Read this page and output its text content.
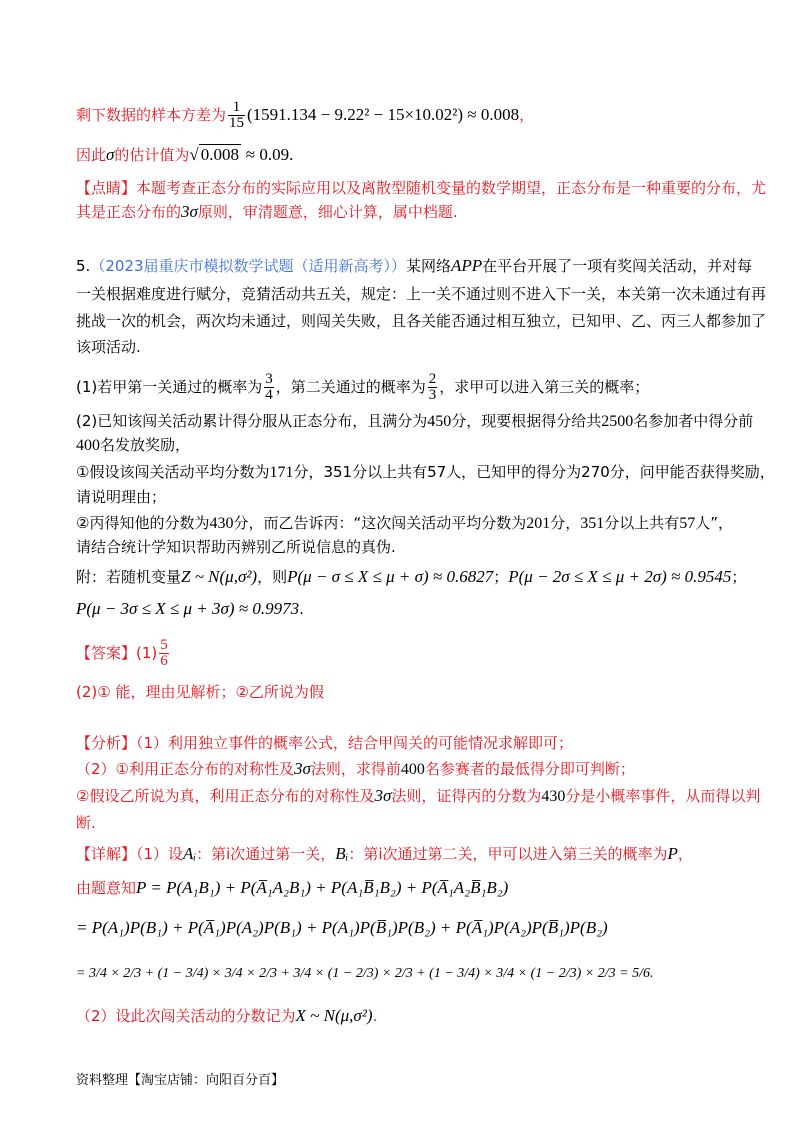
剩下数据的样本方差为 $\frac{1}{15} (1591.134 - 9.22^2 - 15\times 10.02^2) \approx 0.008$，
因此σ的估计值为√ 0.008 ≈ 0.09.
【点睛】本题考查正态分布的实际应用以及离散型随机变量的数学期望，正态分布是一种重要的分布，尤
其是正态分布的3σ原则，审清题意，细心计算，属中档题.
5.（2023届重庆市模拟数学试题（适用新高考））某网络APP在平台开展了一项有奖闯关活动，并对每
一关根据难度进行赋分，竞猜活动共五关，规定：上一关不通过则不进入下一关，本关第一次未通过有再
挑战一次的机会，两次均未通过，则闯关失败，且各关能否通过相互独立，已知甲、乙、丙三人都参加了
该项活动.
(1)若甲第一关通过的概率为 $\frac{3}{4}$ ，第二关通过的概率为 $\frac{2}{3}$ ，求甲可以进入第三关的概率；
(2)已知该闯关活动累计得分服从正态分布，且满分为450分，现要根据得分给共2500名参加者中得分前
400名发放奖励，
①假设该闯关活动平均分数为171分，351分以上共有57人，已知甲的得分为270分，问甲能否获得奖励，
请说明理由；
②丙得知他的分数为430分，而乙告诉丙：“这次闯关活动平均分数为201分，351分以上共有57人”，
请结合统计学知识帮助丙辨别乙所说信息的真伪.
附：若随机变量Z ~ N(μ,σ²)，则P(μ − σ ≤ X ≤ μ + σ) ≈ 0.6827；P(μ − 2σ ≤ X ≤ μ + 2σ) ≈ 0.9545；
P(μ − 3σ ≤ X ≤ μ + 3σ) ≈ 0.9973.
【答案】$(1) \frac{5}{6}$
(2)① 能，理由见解析；②乙所说为假
【分析】（1）利用独立事件的概率公式，结合甲闯关的可能情况求解即可；
（2）①利用正态分布的对称性及3σ法则，求得前400名参赛者的最低得分即可判断；
②假设乙所说为真，利用正态分布的对称性及3σ法则，证得丙的分数为430分是小概率事件，从而得以判
断.
【详解】（1）设Aᵢ：第i次通过第一关，Bᵢ：第i次通过第二关，甲可以进入第三关的概率为P，
由题意知P = P(A₁B₁) + P(A̅₁A₂B₁) + P(A₁B̅₁B₂) + P(A̅₁A₂B̅₁B₂)
= P(A₁)P(B₁) + P(A̅₁)P(A₂)P(B₁) + P(A₁)P(B̅₁)P(B₂) + P(A̅₁)P(A₂)P(B̅₁)P(B₂)
= 3/4 × 2/3 + (1 − 3/4) × 3/4 × 2/3 + 3/4 × (1 − 2/3) × 2/3 + (1 − 3/4) × 3/4 × (1 − 2/3) × 2/3 = 5/6.
（2）设此次闯关活动的分数记为X ~ N(μ,σ²).
资料整理【淘宝店铺：向阳百分百】
